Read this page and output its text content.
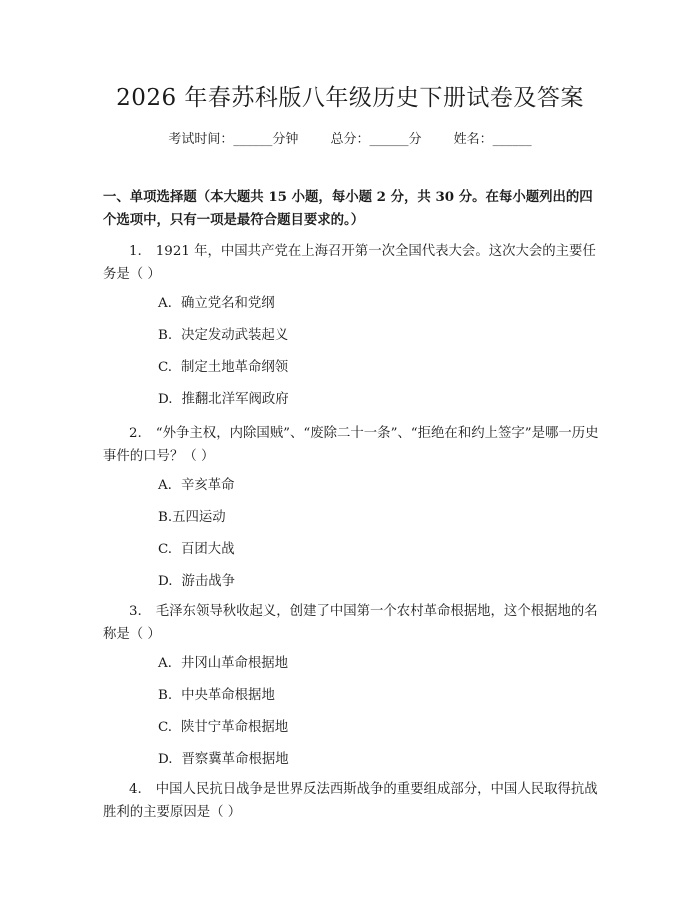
2026 年春苏科版八年级历史下册试卷及答案
考试时间：______分钟 总分：______分 姓名：______
一、单项选择题（本大题共 15 小题，每小题 2 分，共 30 分。在每小题列出的四个选项中，只有一项是最符合题目要求的。）
1. 1921 年，中国共产党在上海召开第一次全国代表大会。这次大会的主要任务是（ ）
A. 确立党名和党纲
B. 决定发动武装起义
C. 制定土地革命纲领
D. 推翻北洋军阀政府
2. “外争主权，内除国贼”、“废除二十一条”、“拒绝在和约上签字”是哪一历史事件的口号？（ ）
A. 辛亥革命
B.五四运动
C. 百团大战
D. 游击战争
3. 毛泽东领导秋收起义，创建了中国第一个农村革命根据地，这个根据地的名称是（ ）
A. 井冈山革命根据地
B. 中央革命根据地
C. 陕甘宁革命根据地
D. 晋察冀革命根据地
4. 中国人民抗日战争是世界反法西斯战争的重要组成部分，中国人民取得抗战胜利的主要原因是（ ）
